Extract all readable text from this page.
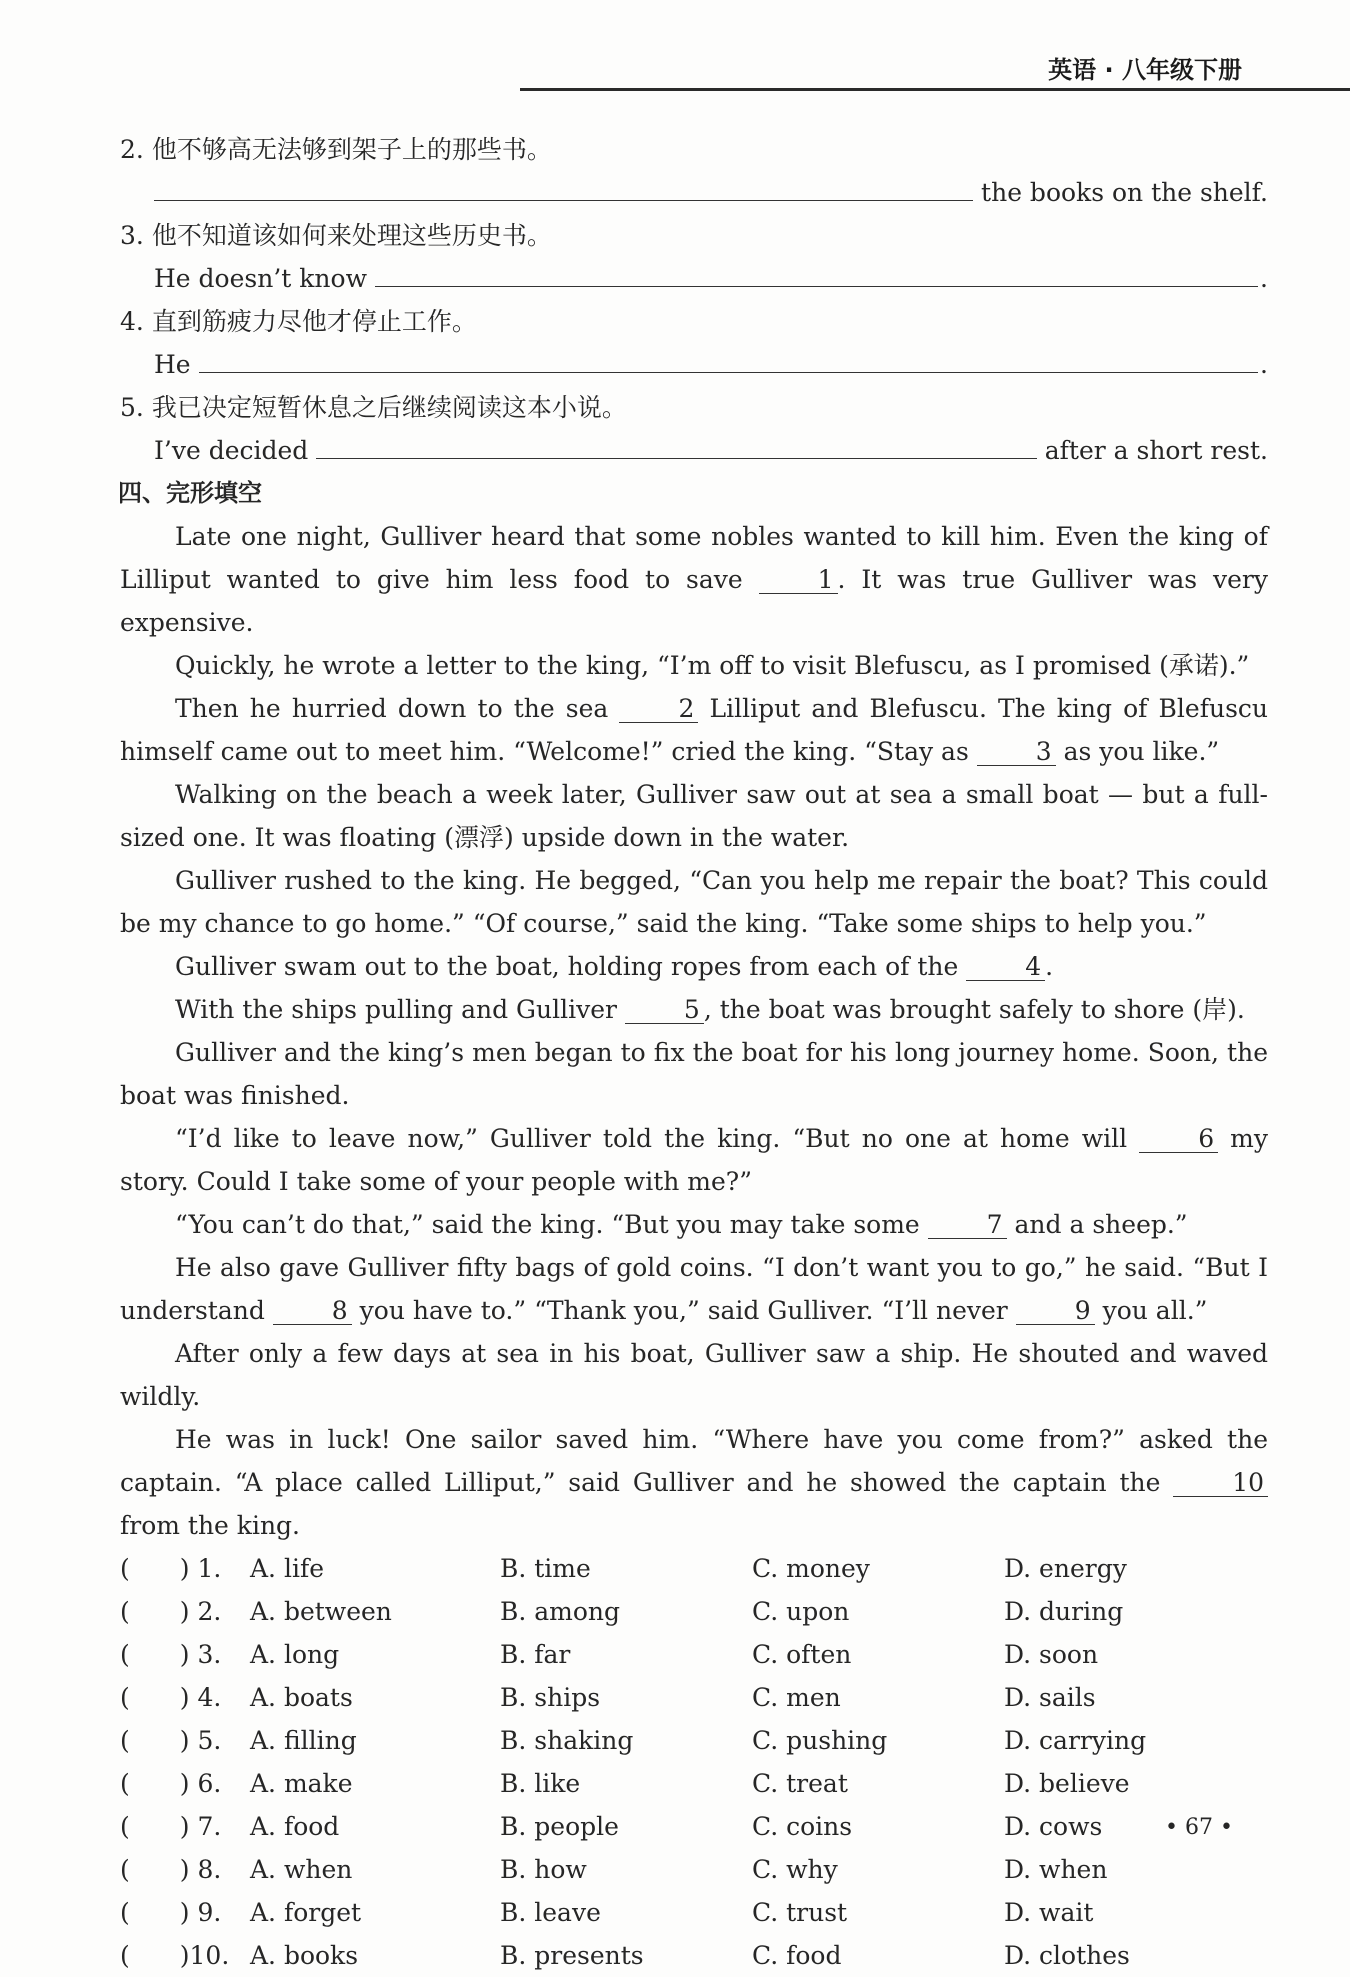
英语 · 八年级下册
2. 他不够高无法够到架子上的那些书。
the books on the shelf.
3. 他不知道该如何来处理这些历史书。
He doesn’t know	.
4. 直到筋疲力尽他才停止工作。
He	.
5. 我已决定短暂休息之后继续阅读这本小说。
I’ve decided	after a short rest.
四、完形填空
Late one night, Gulliver heard that some nobles wanted to kill him. Even the king of Lilliput wanted to give him less food to save	1 . It was true Gulliver was very expensive.
Quickly, he wrote a letter to the king, “I’m off to visit Blefuscu, as I promised (承诺).”
Then he hurried down to the sea	2 Lilliput and Blefuscu. The king of Blefuscu himself came out to meet him. “Welcome!” cried the king. “Stay as	3 as you like.”
Walking on the beach a week later, Gulliver saw out at sea a small boat — but a full-sized one. It was floating (漂浮) upside down in the water.
Gulliver rushed to the king. He begged, “Can you help me repair the boat? This could be my chance to go home.” “Of course,” said the king. “Take some ships to help you.”
Gulliver swam out to the boat, holding ropes from each of the	4 .
With the ships pulling and Gulliver	5 , the boat was brought safely to shore (岸).
Gulliver and the king’s men began to fix the boat for his long journey home. Soon, the boat was finished.
“I’d like to leave now,” Gulliver told the king. “But no one at home will	6 my story. Could I take some of your people with me?”
“You can’t do that,” said the king. “But you may take some	7 and a sheep.”
He also gave Gulliver fifty bags of gold coins. “I don’t want you to go,” he said. “But I understand	8 you have to.” “Thank you,” said Gulliver. “I’ll never	9 you all.”
After only a few days at sea in his boat, Gulliver saw a ship. He shouted and waved wildly.
He was in luck! One sailor saved him. “Where have you come from?” asked the captain. “A place called Lilliput,” said Gulliver and he showed the captain the	10 from the king.
(　　) 1.	A. life	B. time	C. money	D. energy
(　　) 2.	A. between	B. among	C. upon	D. during
(　　) 3.	A. long	B. far	C. often	D. soon
(　　) 4.	A. boats	B. ships	C. men	D. sails
(　　) 5.	A. filling	B. shaking	C. pushing	D. carrying
(　　) 6.	A. make	B. like	C. treat	D. believe
(　　) 7.	A. food	B. people	C. coins	D. cows
(　　) 8.	A. when	B. how	C. why	D. when
(　　) 9.	A. forget	B. leave	C. trust	D. wait
(　　)10.	A. books	B. presents	C. food	D. clothes
• 67 •
